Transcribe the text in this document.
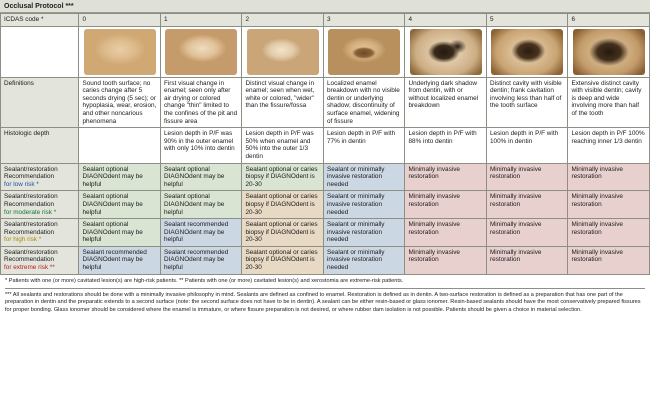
Occlusal Protocol ***
ICDAS code *	0	1	2	3	4	5	6

Definitions	Sound tooth surface; no caries change after 5 seconds drying (5 sec); or hypoplasia, wear, erosion, and other noncarious phenomena	First visual change in enamel; seen only after air drying or colored change "thin" limited to the confines of the pit and fissure area	Distinct visual change in enamel; seen when wet, white or colored, "wider" than the fissure/fossa	Localized enamel breakdown with no visible dentin or underlying shadow; discontinuity of surface enamel, widening of fissure	Underlying dark shadow from dentin, with or without localized enamel breakdown	Distinct cavity with visible dentin; frank cavitation involving less than half of the tooth surface	Extensive distinct cavity with visible dentin; cavity is deep and wide involving more than half of the tooth
Histologic depth		Lesion depth in P/F was 90% in the outer enamel with only 10% into dentin	Lesion depth in P/F was 50% when enamel and 50% into the outer 1/3 dentin	Lesion depth in P/F with 77% in dentin	Lesion depth in P/F with 88% into dentin	Lesion depth in P/F with 100% in dentin	Lesion depth in P/F 100% reaching inner 1/3 dentin
Sealant/restoration
Recommendation
for low risk *	Sealant optional DIAGNOdent may be helpful	Sealant optional DIAGNOdent may be helpful	Sealant optional or caries biopsy if DIAGNOdent is 20-30	Sealant or minimally invasive restoration needed	Minimally invasive restoration	Minimally invasive restoration	Minimally invasive restoration
Sealant/restoration
Recommendation
for moderate risk *	Sealant optional DIAGNOdent may be helpful	Sealant optional DIAGNOdent may be helpful	Sealant optional or caries biopsy if DIAGNOdent is 20-30	Sealant or minimally invasive restoration needed	Minimally invasive restoration	Minimally invasive restoration	Minimally invasive restoration
Sealant/restoration
Recommendation
for high risk *	Sealant optional DIAGNOdent may be helpful	Sealant recommended DIAGNOdent may be helpful	Sealant optional or caries biopsy if DIAGNOdent is 20-30	Sealant or minimally invasive restoration needed	Minimally invasive restoration	Minimally invasive restoration	Minimally invasive restoration
Sealant/restoration
Recommendation
for extreme risk **	Sealant recommended DIAGNOdent may be helpful	Sealant recommended DIAGNOdent may be helpful	Sealant optional or caries biopsy if DIAGNOdent is 20-30	Sealant or minimally invasive restoration needed	Minimally invasive restoration	Minimally invasive restoration	Minimally invasive restoration

* Patients with one (or more) cavitated lesion(s) are high-risk patients. ** Patients with one (or more) cavitated lesion(s) and xerostomia are extreme-risk patients.

*** All sealants and restorations should be done with a minimally invasive philosophy in mind. Sealants are defined as confined to enamel. Restoration is defined as in dentin. A two-surface restoration is defined as a preparation that has one part of the preparation in dentin and the preparatic extends to a second surface (note: the second surface does not have to be in dentin). A sealant can be either resin-based or glass ionomer. Resin-based sealants should have the most conservatively prepared fissures for proper bonding. Glass ionomer should be considered where the enamel is immature, or where fissure preparation is not desired, or where rubber dam isolation is not possible. Patients should be given a choice in material selection.
